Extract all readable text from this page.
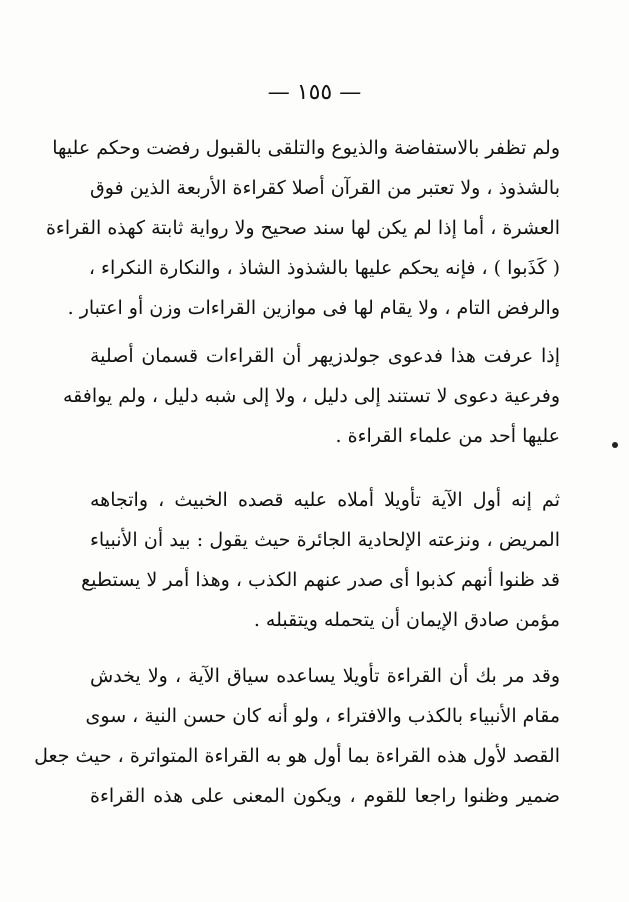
— ١٥٥ —
ولم تظفر بالاستفاضة والذيوع والتلقى بالقبول رفضت وحكم عليها
بالشذوذ ، ولا تعتبر من القرآن أصلا كقراءة الأربعة الذين فوق
العشرة ، أما إذا لم يكن لها سند صحيح ولا رواية ثابتة كهذه القراءة
( كَذَبوا ) ، فإنه يحكم عليها بالشذوذ الشاذ ، والنكارة النكراء ،
والرفض التام ، ولا يقام لها فى موازين القراءات وزن أو اعتبار .
إذا عرفت هذا فدعوى جولدزيهر أن القراءات قسمان أصلية
وفرعية دعوى لا تستند إلى دليل ، ولا إلى شبه دليل ، ولم يوافقه
عليها أحد من علماء القراءة .
ثم إنه أول الآية تأويلا أملاه عليه قصده الخبيث ، واتجاهه
المريض ، ونزعته الإلحادية الجائرة حيث يقول : بيد أن الأنبياء
قد ظنوا أنهم كذبوا أى صدر عنهم الكذب ، وهذا أمر لا يستطيع
مؤمن صادق الإيمان أن يتحمله ويتقبله .
وقد مر بك أن القراءة تأويلا يساعده سياق الآية ، ولا يخدش
مقام الأنبياء بالكذب والافتراء ، ولو أنه كان حسن النية ، سوى
القصد لأول هذه القراءة بما أول هو به القراءة المتواترة ، حيث جعل
ضمير وظنوا راجعا للقوم ، ويكون المعنى على هذه القراءة
